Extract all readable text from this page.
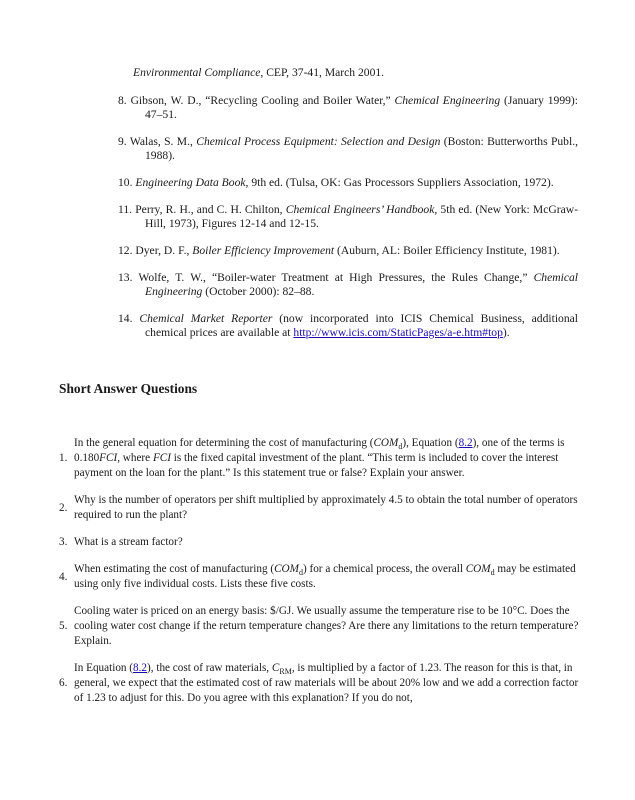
Environmental Compliance, CEP, 37-41, March 2001.
8. Gibson, W. D., “Recycling Cooling and Boiler Water,” Chemical Engineering (January 1999): 47–51.
9. Walas, S. M., Chemical Process Equipment: Selection and Design (Boston: Butterworths Publ., 1988).
10. Engineering Data Book, 9th ed. (Tulsa, OK: Gas Processors Suppliers Association, 1972).
11. Perry, R. H., and C. H. Chilton, Chemical Engineers’ Handbook, 5th ed. (New York: McGraw-Hill, 1973), Figures 12-14 and 12-15.
12. Dyer, D. F., Boiler Efficiency Improvement (Auburn, AL: Boiler Efficiency Institute, 1981).
13. Wolfe, T. W., “Boiler-water Treatment at High Pressures, the Rules Change,” Chemical Engineering (October 2000): 82–88.
14. Chemical Market Reporter (now incorporated into ICIS Chemical Business, additional chemical prices are available at http://www.icis.com/StaticPages/a-e.htm#top).
Short Answer Questions
1.
In the general equation for determining the cost of manufacturing $(COM_d)$, Equation (8.2), one of the terms is 0.180FCI, where FCI is the fixed capital investment of the plant. “This term is included to cover the interest payment on the loan for the plant.” Is this statement true or false? Explain your answer.
2.
Why is the number of operators per shift multiplied by approximately 4.5 to obtain the total number of operators required to run the plant?
3. What is a stream factor?
4.
When estimating the cost of manufacturing $(COM_d)$ for a chemical process, the overall $COM_d$ may be estimated using only five individual costs. Lists these five costs.
5.
Cooling water is priced on an energy basis: $/GJ. We usually assume the temperature rise to be 10°C. Does the cooling water cost change if the return temperature changes? Are there any limitations to the return temperature? Explain.
6.
In Equation (8.2), the cost of raw materials, $C_{RM}$, is multiplied by a factor of 1.23. The reason for this is that, in general, we expect that the estimated cost of raw materials will be about 20% low and we add a correction factor of 1.23 to adjust for this. Do you agree with this explanation? If you do not,
